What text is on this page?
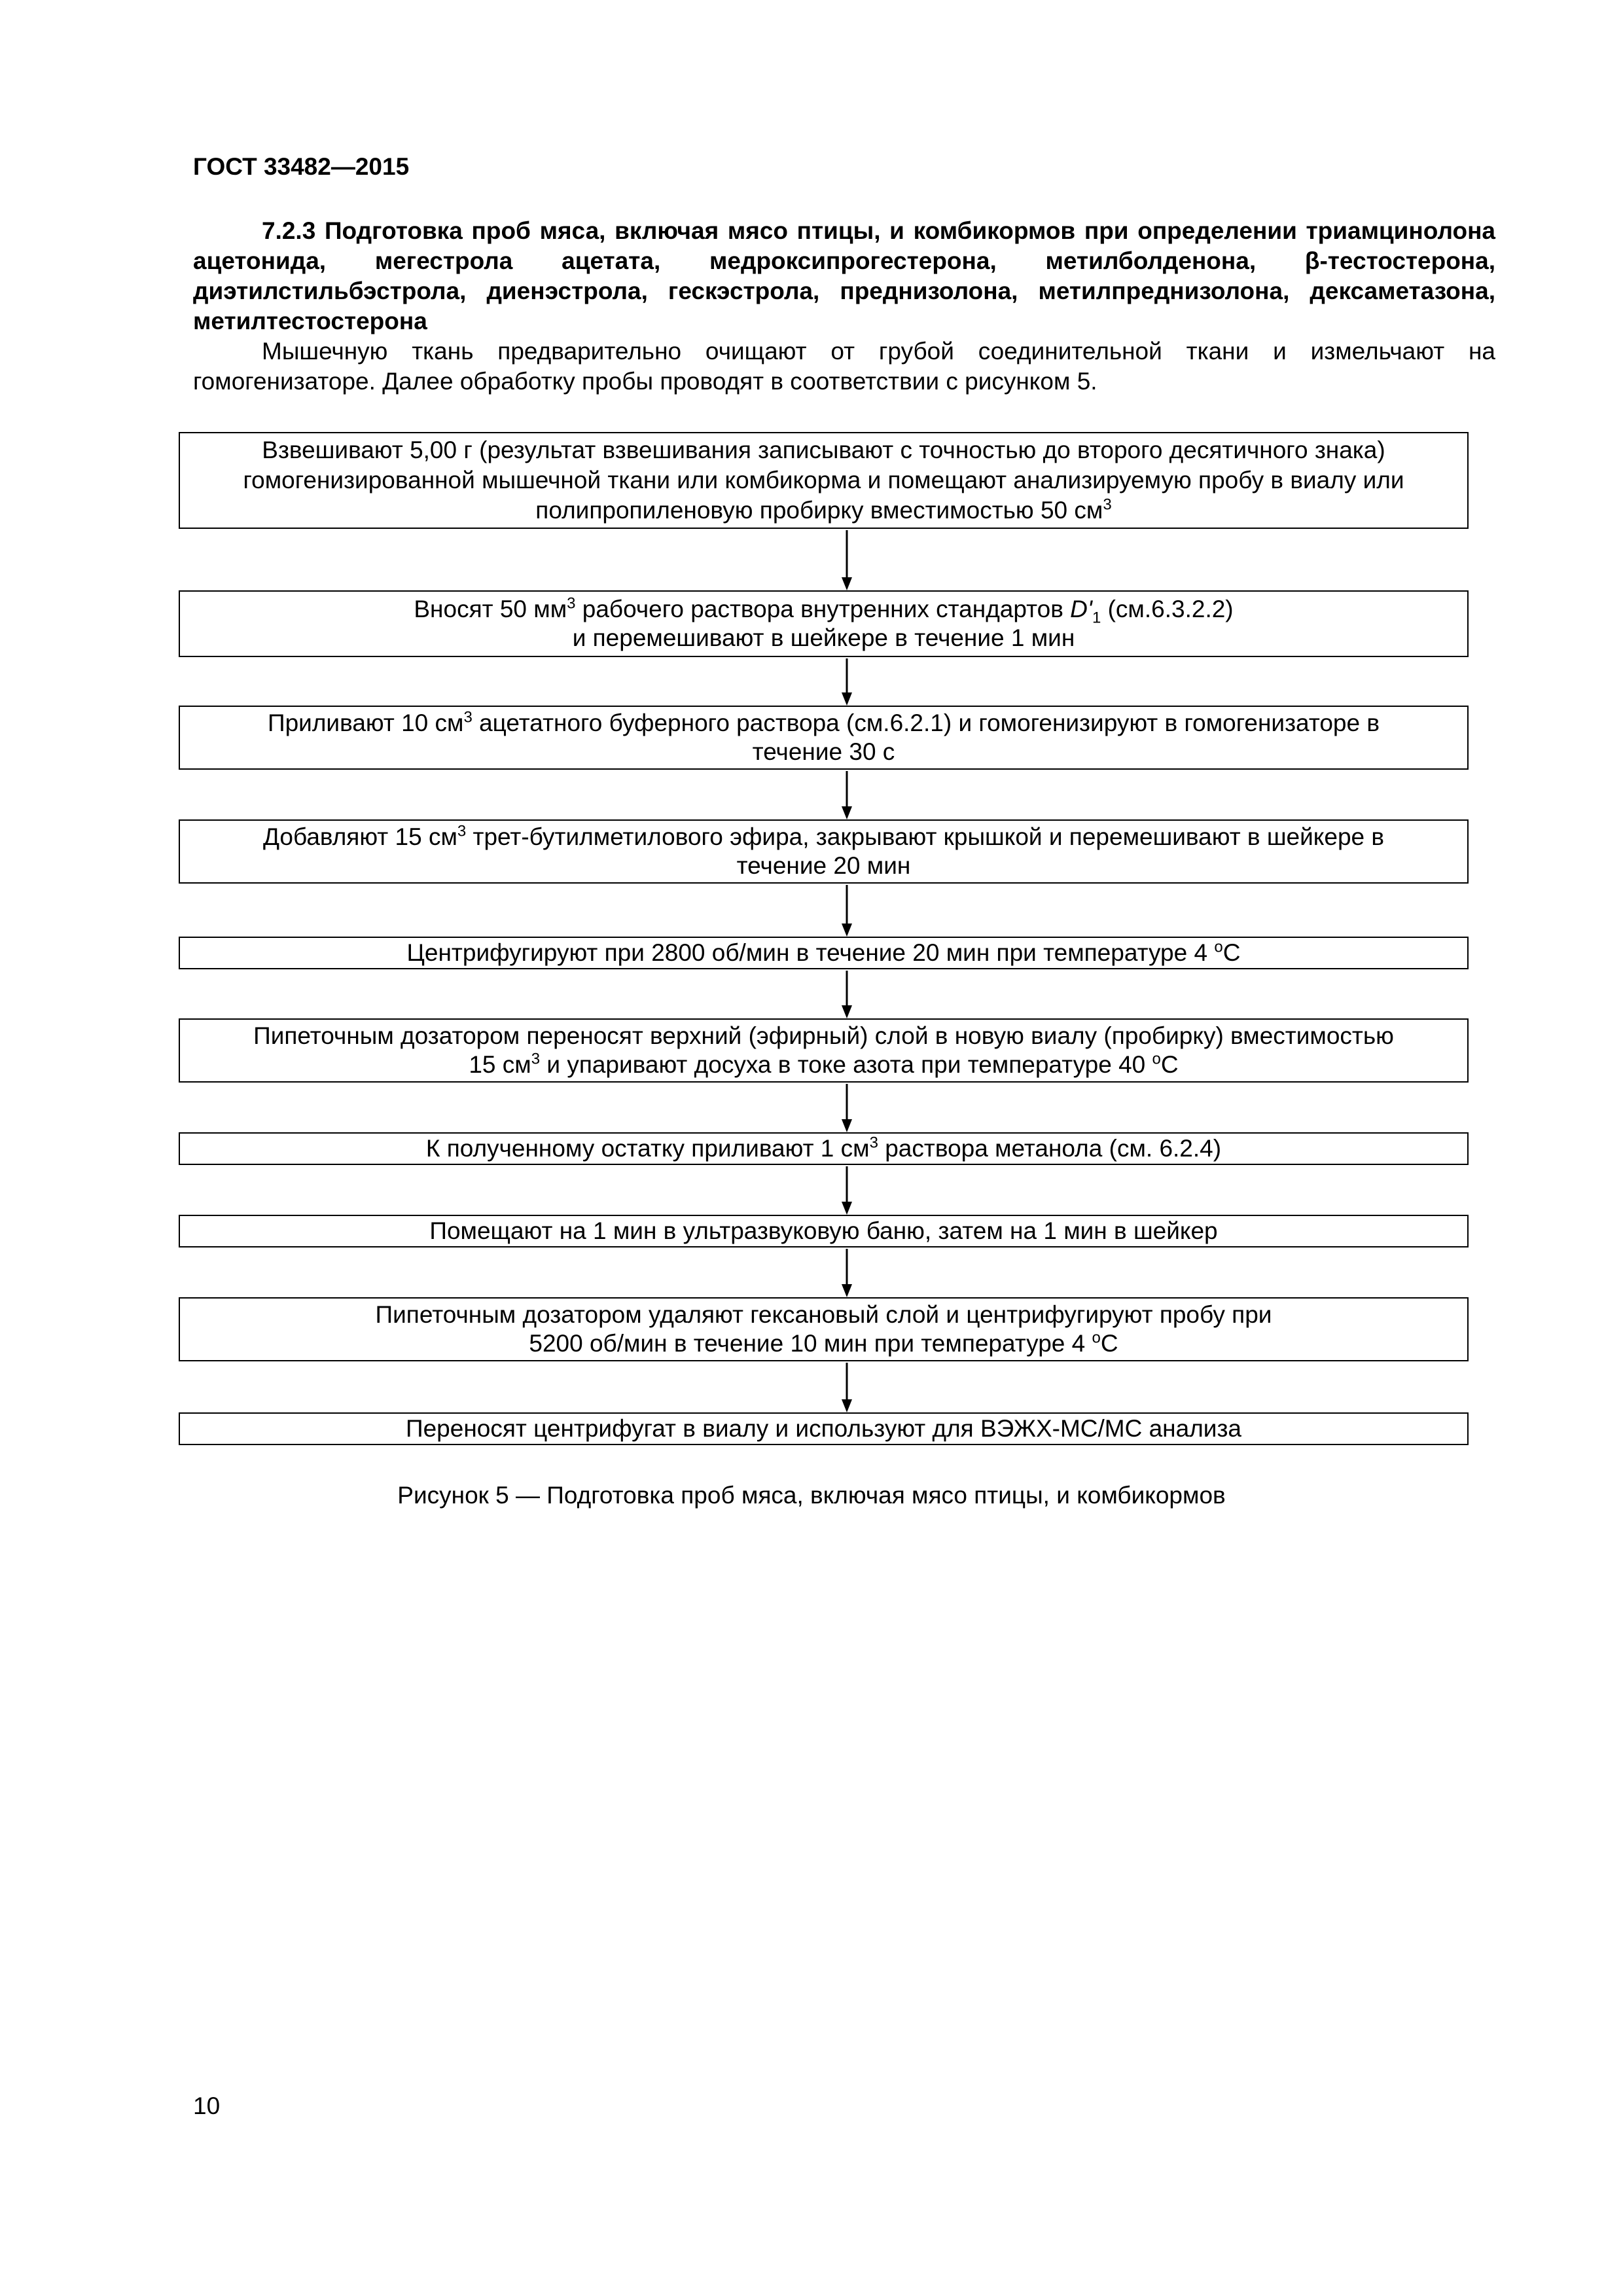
ГОСТ 33482—2015
7.2.3 Подготовка проб мяса, включая мясо птицы, и комбикормов при определении триамцинолона ацетонида, мегестрола ацетата, медроксипрогестерона, метилболденона, β-тестостерона, диэтилстильбэстрола, диенэстрола, гескэстрола, преднизолона, метилпреднизолона, дексаметазона, метилтестостерона
Мышечную ткань предварительно очищают от грубой соединительной ткани и измельчают на гомогенизаторе. Далее обработку пробы проводят в соответствии с рисунком 5.
Взвешивают 5,00 г (результат взвешивания записывают с точностью до второго десятичного знака)
гомогенизированной мышечной ткани или комбикорма и помещают анализируемую пробу в виалу или
полипропиленовую пробирку вместимостью 50 $см^3$
Вносят 50 $мм^3$ рабочего раствора внутренних стандартов $D'_1$ (см.6.3.2.2)
и перемешивают в шейкере в течение 1 мин
Приливают 10 $см^3$ ацетатного буферного раствора (см.6.2.1) и гомогенизируют в гомогенизаторе в
течение 30 с
Добавляют 15 $см^3$ трет-бутилметилового эфира, закрывают крышкой и перемешивают в шейкере в
течение 20 мин
Центрифугируют при 2800 об/мин в течение 20 мин при температуре 4 $^o$С
Пипеточным дозатором переносят верхний (эфирный) слой в новую виалу (пробирку) вместимостью
15 $см^3$ и упаривают досуха в токе азота при температуре 40 $^o$С
К полученному остатку приливают 1 $см^3$ раствора метанола (см. 6.2.4)
Помещают на 1 мин в ультразвуковую баню, затем на 1 мин в шейкер
Пипеточным дозатором удаляют гексановый слой и центрифугируют пробу при
5200 об/мин в течение 10 мин при температуре 4 $^o$С
Переносят центрифугат в виалу и используют для ВЭЖХ-МС/МС анализа
Рисунок 5 — Подготовка проб мяса, включая мясо птицы, и комбикормов
10
